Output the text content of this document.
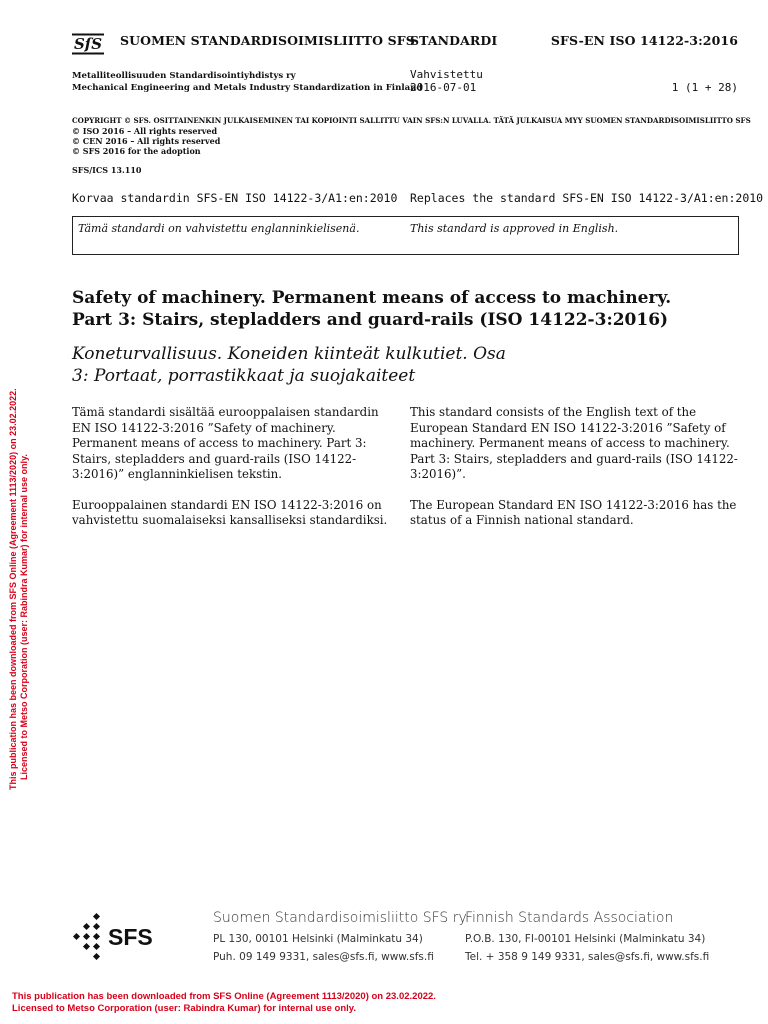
SſS SUOMEN STANDARDISOIMISLIITTO SFS
STANDARDI	SFS-EN ISO 14122-3:2016
Metalliteollisuuden Standardisointiyhdistys ry
Mechanical Engineering and Metals Industry Standardization in Finland
Vahvistettu
2016-07-01	1 (1 + 28)
COPYRIGHT © SFS. OSITTAINENKIN JULKAISEMINEN TAI KOPIOINTI SALLITTU VAIN SFS:N LUVALLA. TÄTÄ JULKAISUA MYY SUOMEN STANDARDISOIMISLIITTO SFS
© ISO 2016 – All rights reserved
© CEN 2016 – All rights reserved
© SFS 2016 for the adoption
SFS/ICS 13.110
Korvaa standardin SFS-EN ISO 14122-3/A1:en:2010 Replaces the standard SFS-EN ISO 14122-3/A1:en:2010
Tämä standardi on vahvistettu englanninkielisenä.	This standard is approved in English.
Safety of machinery. Permanent means of access to machinery.
Part 3: Stairs, stepladders and guard-rails (ISO 14122-3:2016)
Koneturvallisuus. Koneiden kiinteät kulkutiet. Osa
3: Portaat, porrastikkaat ja suojakaiteet

Tämä standardi sisältää eurooppalaisen standardin EN ISO 14122-3:2016 ”Safety of machinery. Permanent means of access to machinery. Part 3: Stairs, stepladders and guard-rails (ISO 14122-3:2016)” englanninkielisen tekstin.

Eurooppalainen standardi EN ISO 14122-3:2016 on vahvistettu suomalaiseksi kansalliseksi standardiksi.

This standard consists of the English text of the European Standard EN ISO 14122-3:2016 ”Safety of machinery. Permanent means of access to machinery. Part 3: Stairs, stepladders and guard-rails (ISO 14122-3:2016)”.

The European Standard EN ISO 14122-3:2016 has the status of a Finnish national standard.

This publication has been downloaded from SFS Online (Agreement 1113/2020) on 23.02.2022. Licensed to Metso Corporation (user: Rabindra Kumar) for internal use only.
SFS
Suomen Standardisoimisliitto SFS ry
PL 130, 00101 Helsinki (Malminkatu 34)
Puh. 09 149 9331, sales@sfs.fi, www.sfs.fi
Finnish Standards Association
P.O.B. 130, FI-00101 Helsinki (Malminkatu 34)
Tel. + 358 9 149 9331, sales@sfs.fi, www.sfs.fi
This publication has been downloaded from SFS Online (Agreement 1113/2020) on 23.02.2022.
Licensed to Metso Corporation (user: Rabindra Kumar) for internal use only.
